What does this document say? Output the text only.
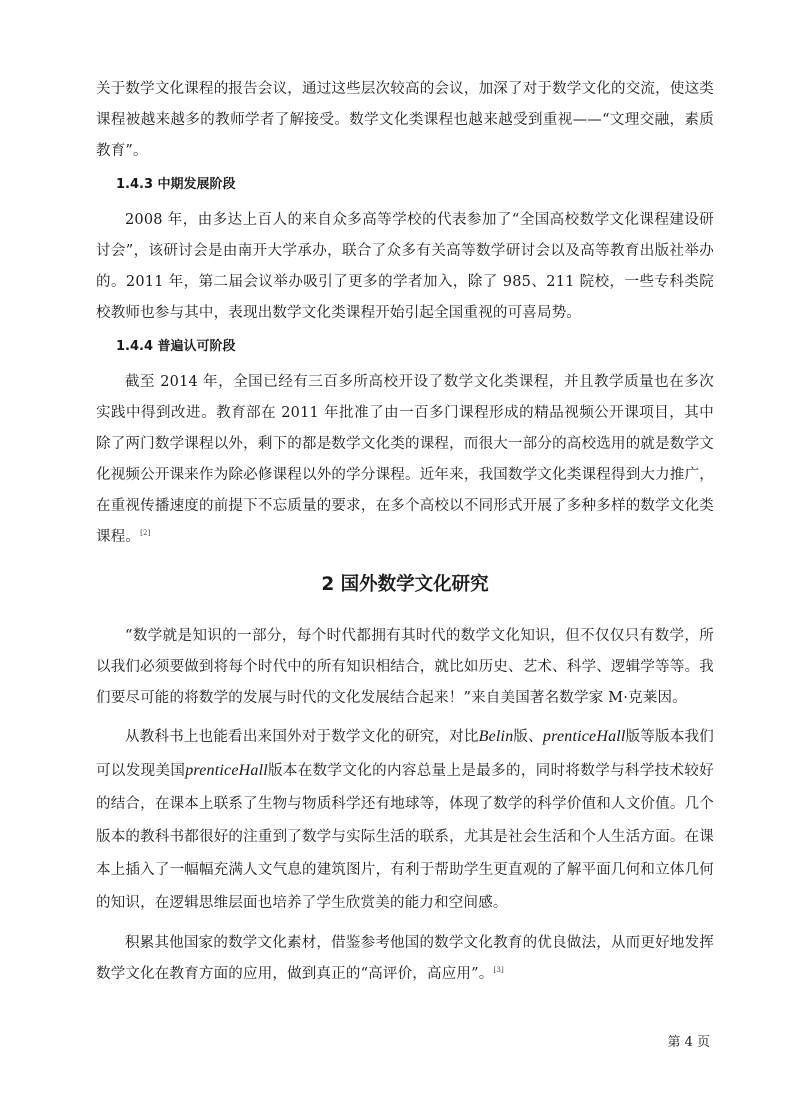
关于数学文化课程的报告会议，通过这些层次较高的会议，加深了对于数学文化的交流，使这类课程被越来越多的教师学者了解接受。数学文化类课程也越来越受到重视——“文理交融，素质教育”。

1.4.3 中期发展阶段

2008 年，由多达上百人的来自众多高等学校的代表参加了“全国高校数学文化课程建设研讨会”，该研讨会是由南开大学承办，联合了众多有关高等数学研讨会以及高等教育出版社举办的。2011 年，第二届会议举办吸引了更多的学者加入，除了 985、211 院校，一些专科类院校教师也参与其中，表现出数学文化类课程开始引起全国重视的可喜局势。

1.4.4 普遍认可阶段

截至 2014 年，全国已经有三百多所高校开设了数学文化类课程，并且教学质量也在多次实践中得到改进。教育部在 2011 年批准了由一百多门课程形成的精品视频公开课项目，其中除了两门数学课程以外，剩下的都是数学文化类的课程，而很大一部分的高校选用的就是数学文化视频公开课来作为除必修课程以外的学分课程。近年来，我国数学文化类课程得到大力推广，在重视传播速度的前提下不忘质量的要求，在多个高校以不同形式开展了多种多样的数学文化类课程。[2]

2 国外数学文化研究

“数学就是知识的一部分，每个时代都拥有其时代的数学文化知识，但不仅仅只有数学，所以我们必须要做到将每个时代中的所有知识相结合，就比如历史、艺术、科学、逻辑学等等。我们要尽可能的将数学的发展与时代的文化发展结合起来！”来自美国著名数学家 M·克莱因。

从教科书上也能看出来国外对于数学文化的研究，对比Belin版、prenticeHall版等版本我们可以发现美国prenticeHall版本在数学文化的内容总量上是最多的，同时将数学与科学技术较好的结合，在课本上联系了生物与物质科学还有地球等，体现了数学的科学价值和人文价值。几个版本的教科书都很好的注重到了数学与实际生活的联系，尤其是社会生活和个人生活方面。在课本上插入了一幅幅充满人文气息的建筑图片，有利于帮助学生更直观的了解平面几何和立体几何的知识，在逻辑思维层面也培养了学生欣赏美的能力和空间感。

积累其他国家的数学文化素材，借鉴参考他国的数学文化教育的优良做法，从而更好地发挥数学文化在教育方面的应用，做到真正的“高评价，高应用”。[3]

第 4 页
